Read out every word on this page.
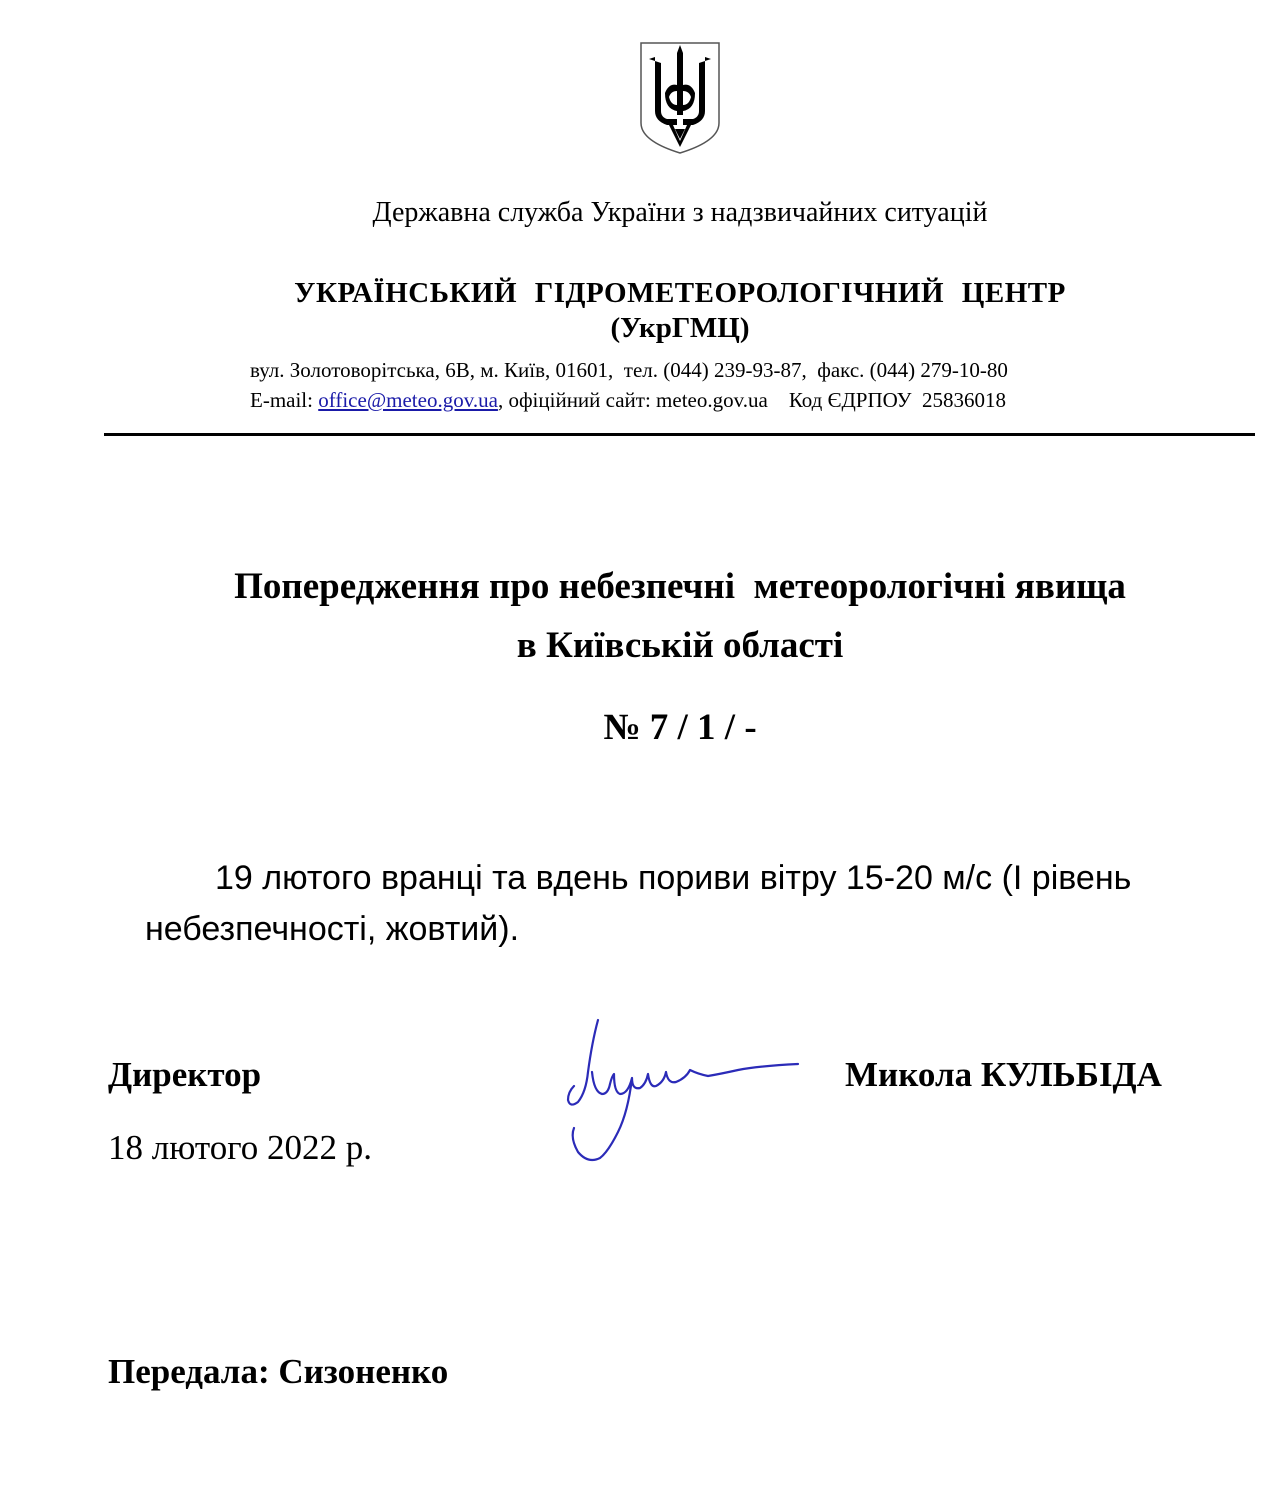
Державна служба України з надзвичайних ситуацій
УКРАЇНСЬКИЙ ГІДРОМЕТЕОРОЛОГІЧНИЙ ЦЕНТР
(УкрГМЦ)
вул. Золотоворітська, 6В, м. Київ, 01601,  тел. (044) 239-93-87,  факс. (044) 279-10-80
E-mail: office@meteo.gov.ua, офіційний сайт: meteo.gov.ua    Код ЄДРПОУ  25836018
Попередження про небезпечні  метеорологічні явища
в Київській області
№ 7 / 1 / -
19 лютого вранці та вдень пориви вітру 15-20 м/с (І рівень
небезпечності, жовтий).
Директор	Микола КУЛЬБІДА
18 лютого 2022 р.
Передала: Сизоненко
